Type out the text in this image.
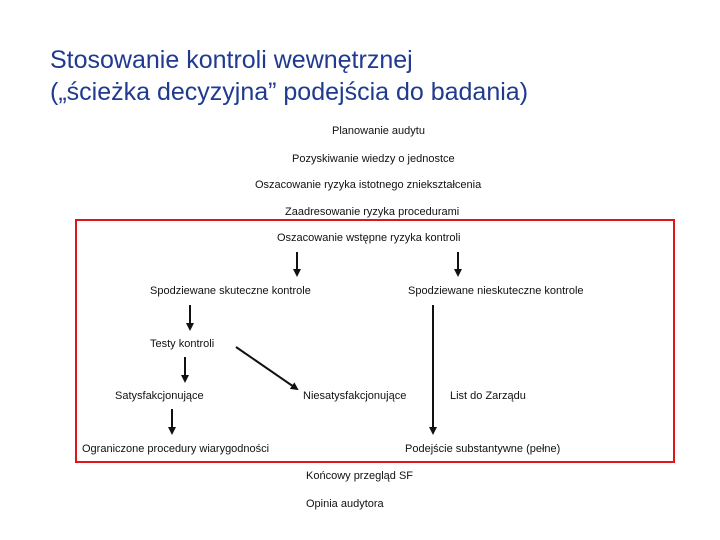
Stosowanie kontroli wewnętrznej
(„ścieżka decyzyjna” podejścia do badania)
Planowanie audytu
Pozyskiwanie wiedzy o jednostce
Oszacowanie ryzyka istotnego zniekształcenia
Zaadresowanie ryzyka procedurami
Oszacowanie wstępne ryzyka kontroli
Spodziewane skuteczne kontrole	Spodziewane nieskuteczne kontrole
Testy kontroli
Satysfakcjonujące	Niesatysfakcjonujące	List do Zarządu
Ograniczone procedury wiarygodności	Podejście substantywne (pełne)
Końcowy przegląd SF
Opinia audytora
